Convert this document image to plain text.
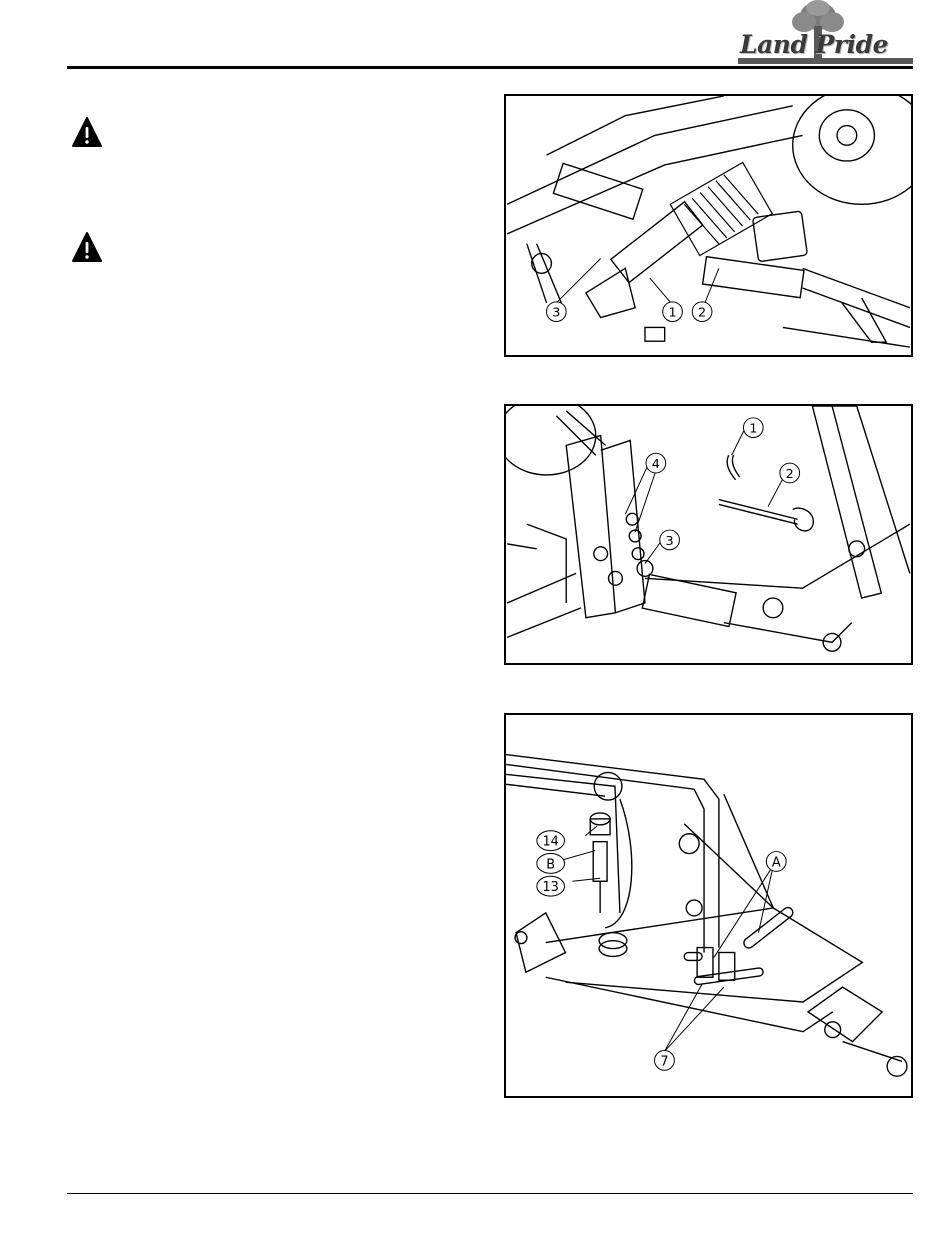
Land Pride
3	1 2
1
2
4
3
14
B
13
A
7
